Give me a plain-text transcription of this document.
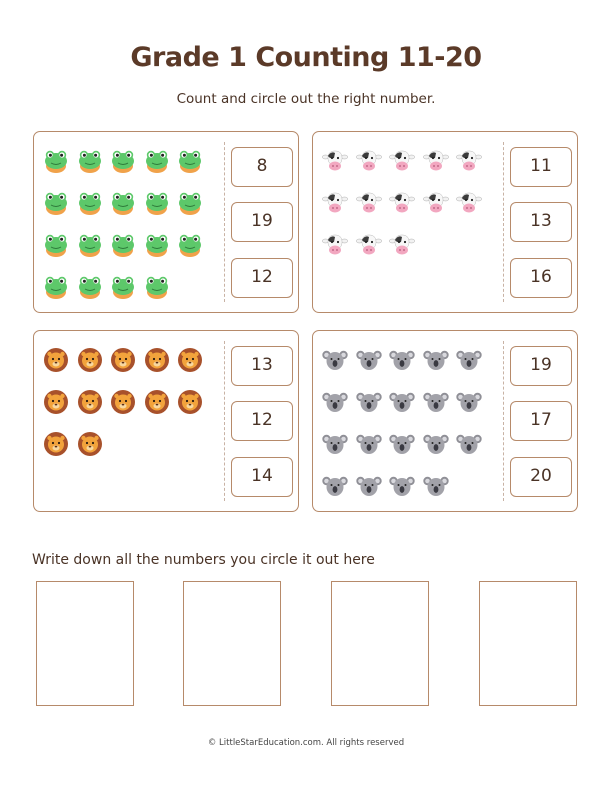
Grade 1 Counting 11-20
Count and circle out the right number.
8
19
12
11
13
16
13
12
14
19
17
20
Write down all the numbers you circle it out here
© LittleStarEducation.com. All rights reserved
